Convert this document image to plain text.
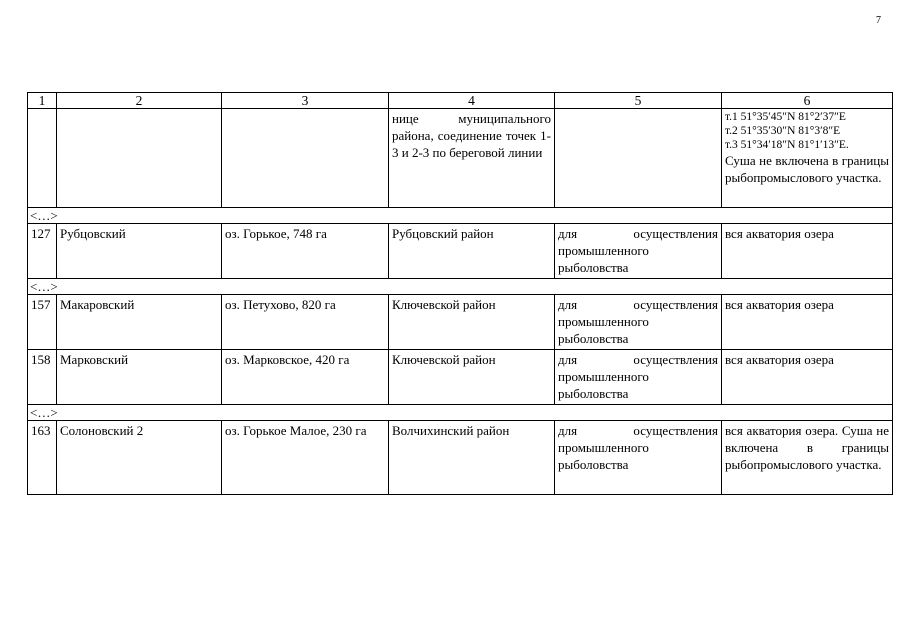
7
1	2	3	4	5	6
			нице муниципального района, соединение точек 1-3 и 2-3 по береговой линии		т.1 51°35′45″N 81°2′37″E
т.2 51°35′30″N 81°3′8″E
т.3 51°34′18″N 81°1′13″E.
Суша не включена в границы рыбопромыслового участка.
<…>					
127	Рубцовский	оз. Горькое, 748 га	Рубцовский район	для осуществления промышленного рыболовства	вся акватория озера
<…>					
157	Макаровский	оз. Петухово, 820 га	Ключевской район	для осуществления промышленного рыболовства	вся акватория озера
158	Марковский	оз. Марковское, 420 га	Ключевской район	для осуществления промышленного рыболовства	вся акватория озера
<…>					
163	Солоновский 2	оз. Горькое Малое, 230 га	Волчихинский район	для осуществления промышленного рыболовства	вся акватория озера. Суша не включена в границы рыбопромыслового участка.
